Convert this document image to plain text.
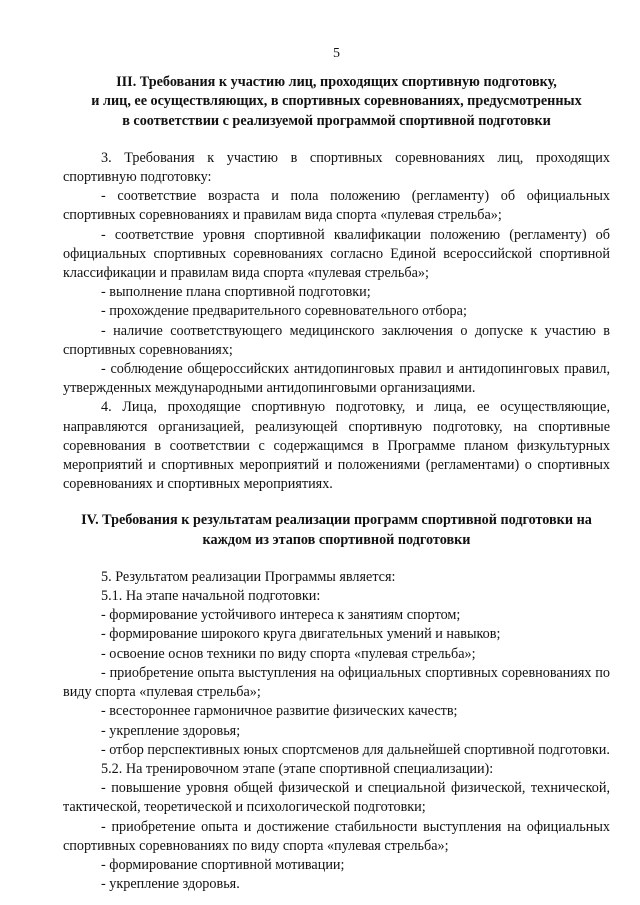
5
III. Требования к участию лиц, проходящих спортивную подготовку,
и лиц, ее осуществляющих, в спортивных соревнованиях, предусмотренных
в соответствии с реализуемой программой спортивной подготовки
3. Требования к участию в спортивных соревнованиях лиц, проходящих спортивную подготовку:
- соответствие возраста и пола положению (регламенту) об официальных спортивных соревнованиях и правилам вида спорта «пулевая стрельба»;
- соответствие уровня спортивной квалификации положению (регламенту) об официальных спортивных соревнованиях согласно Единой всероссийской спортивной классификации и правилам вида спорта «пулевая стрельба»;
- выполнение плана спортивной подготовки;
- прохождение предварительного соревновательного отбора;
- наличие соответствующего медицинского заключения о допуске к участию в спортивных соревнованиях;
- соблюдение общероссийских антидопинговых правил и антидопинговых правил, утвержденных международными антидопинговыми организациями.
4. Лица, проходящие спортивную подготовку, и лица, ее осуществляющие, направляются организацией, реализующей спортивную подготовку, на спортивные соревнования в соответствии с содержащимся в Программе планом физкультурных мероприятий и спортивных мероприятий и положениями (регламентами) о спортивных соревнованиях и спортивных мероприятиях.
IV. Требования к результатам реализации программ спортивной подготовки на
каждом из этапов спортивной подготовки
5. Результатом реализации Программы является:
5.1. На этапе начальной подготовки:
- формирование устойчивого интереса к занятиям спортом;
- формирование широкого круга двигательных умений и навыков;
- освоение основ техники по виду спорта «пулевая стрельба»;
- приобретение опыта выступления на официальных спортивных соревнованиях по виду спорта «пулевая стрельба»;
- всестороннее гармоничное развитие физических качеств;
- укрепление здоровья;
- отбор перспективных юных спортсменов для дальнейшей спортивной подготовки.
5.2. На тренировочном этапе (этапе спортивной специализации):
- повышение уровня общей физической и специальной физической, технической, тактической, теоретической и психологической подготовки;
- приобретение опыта и достижение стабильности выступления на официальных спортивных соревнованиях по виду спорта «пулевая стрельба»;
- формирование спортивной мотивации;
- укрепление здоровья.
